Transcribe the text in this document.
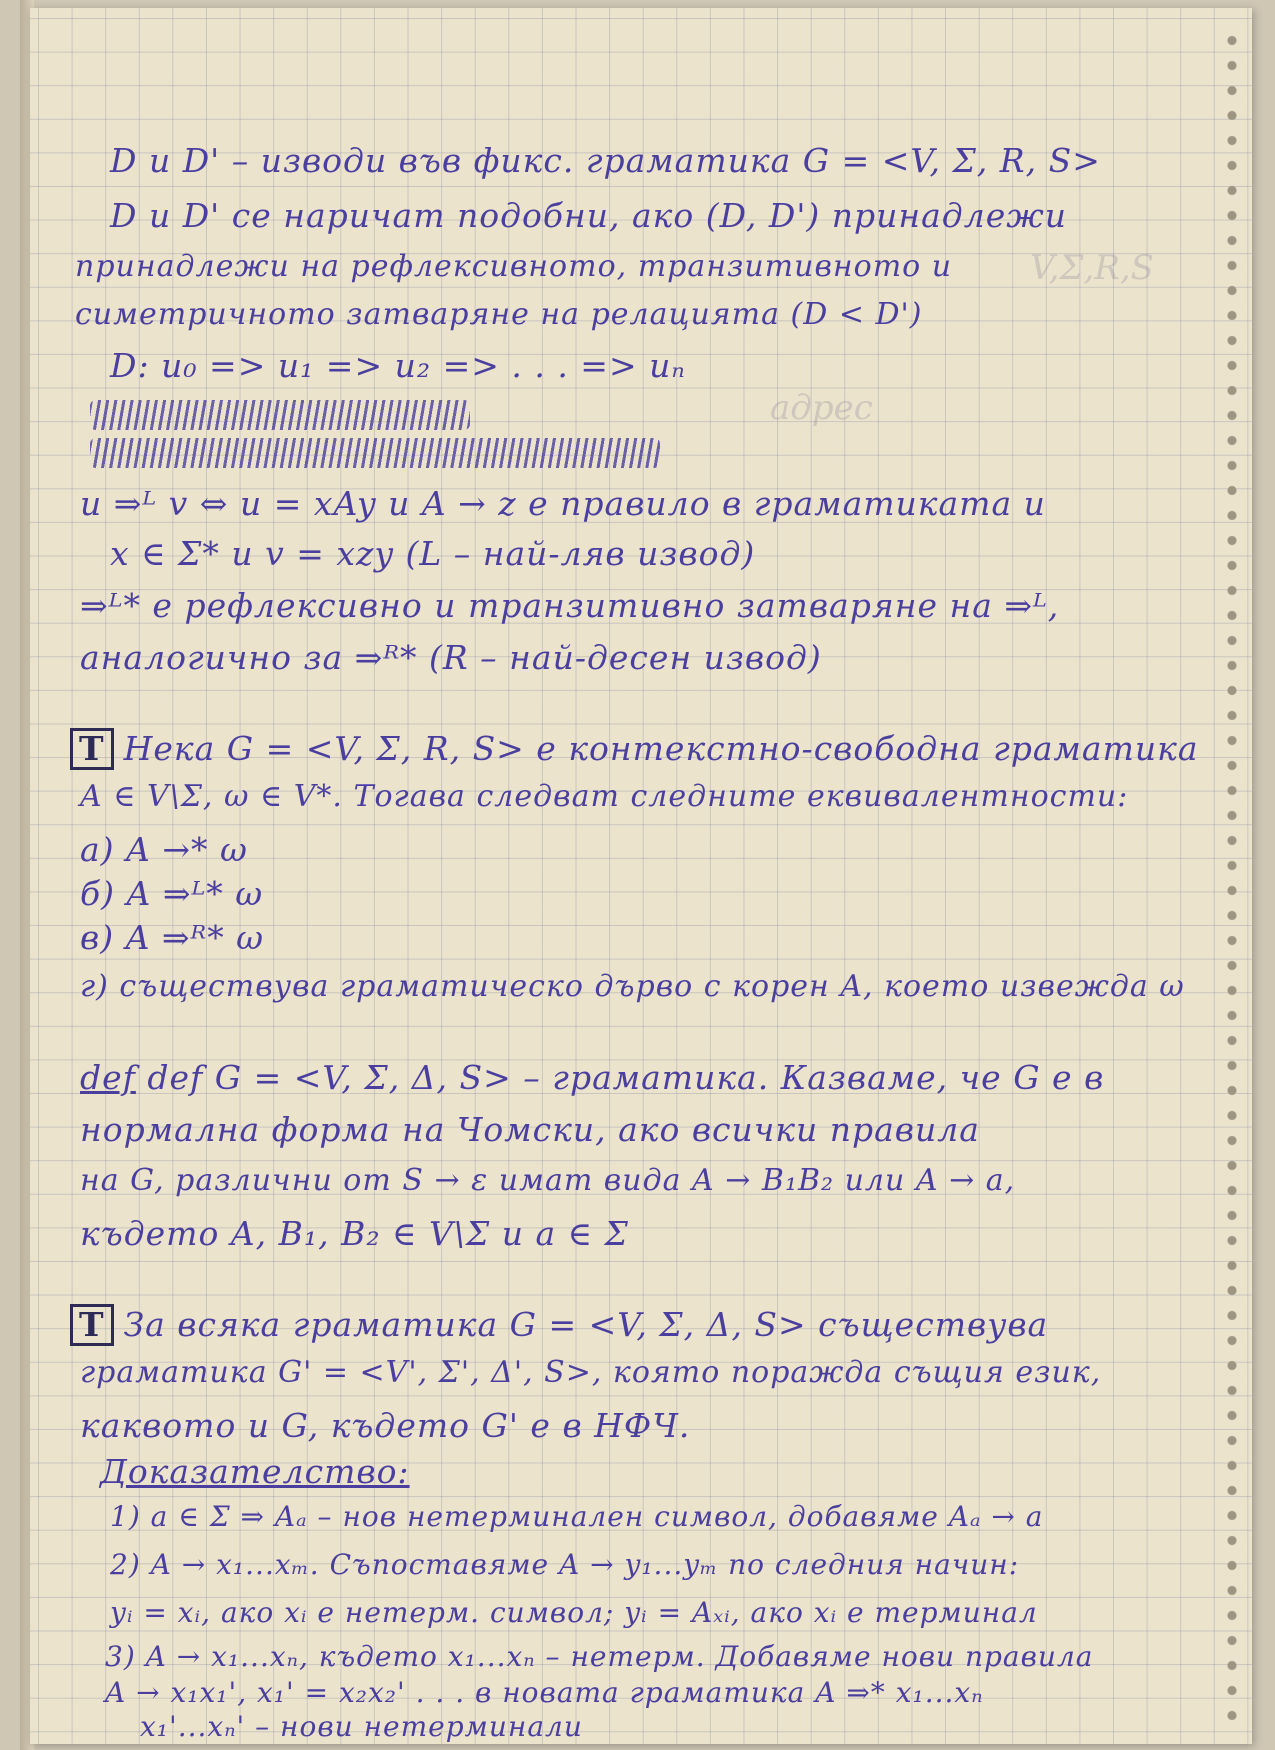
V,Σ,R,S
адрес
D и D' – изводи във фикс. граматика G = <V, Σ, R, S>
D и D' се наричат подобни, ако (D, D') принадлежи
принадлежи на рефлексивното, транзитивното и
симетричното затваряне на релацията (D < D')
D: u₀ => u₁ => u₂ => . . . => uₙ
u ⇒ᴸ v ⇔ u = xAy и A → z е правило в граматиката и
x ∈ Σ* и v = xzy (L – най-ляв извод)
⇒ᴸ* е рефлексивно и транзитивно затваряне на ⇒ᴸ,
аналогично за ⇒ᴿ* (R – най-десен извод)
T Нека G = <V, Σ, R, S> е контекстно-свободна граматика
A ∈ V\Σ, ω ∈ V*. Тогава следват следните еквивалентности:
а) A →* ω
б) A ⇒ᴸ* ω
в) A ⇒ᴿ* ω
г) съществува граматическо дърво с корен A, което извежда ω
def def G = <V, Σ, Δ, S> – граматика. Казваме, че G е в
нормална форма на Чомски, ако всички правила
на G, различни от S → ε имат вида A → B₁B₂ или A → a,
където A, B₁, B₂ ∈ V\Σ и a ∈ Σ
T За всяка граматика G = <V, Σ, Δ, S> съществува
граматика G' = <V', Σ', Δ', S>, която поражда същия език,
каквото и G, където G' е в НФЧ.
Доказателство:
1) a ∈ Σ ⇒ Aₐ – нов нетерминален символ, добавяме Aₐ → a
2) A → x₁...xₘ. Съпоставяме A → y₁...yₘ по следния начин:
yᵢ = xᵢ, ако xᵢ е нетерм. символ; yᵢ = Aₓᵢ, ако xᵢ е терминал
3) A → x₁...xₙ, където x₁...xₙ – нетерм. Добавяме нови правила
A → x₁x₁', x₁' = x₂x₂' . . . в новата граматика A ⇒* x₁...xₙ
x₁'...xₙ' – нови нетерминали
